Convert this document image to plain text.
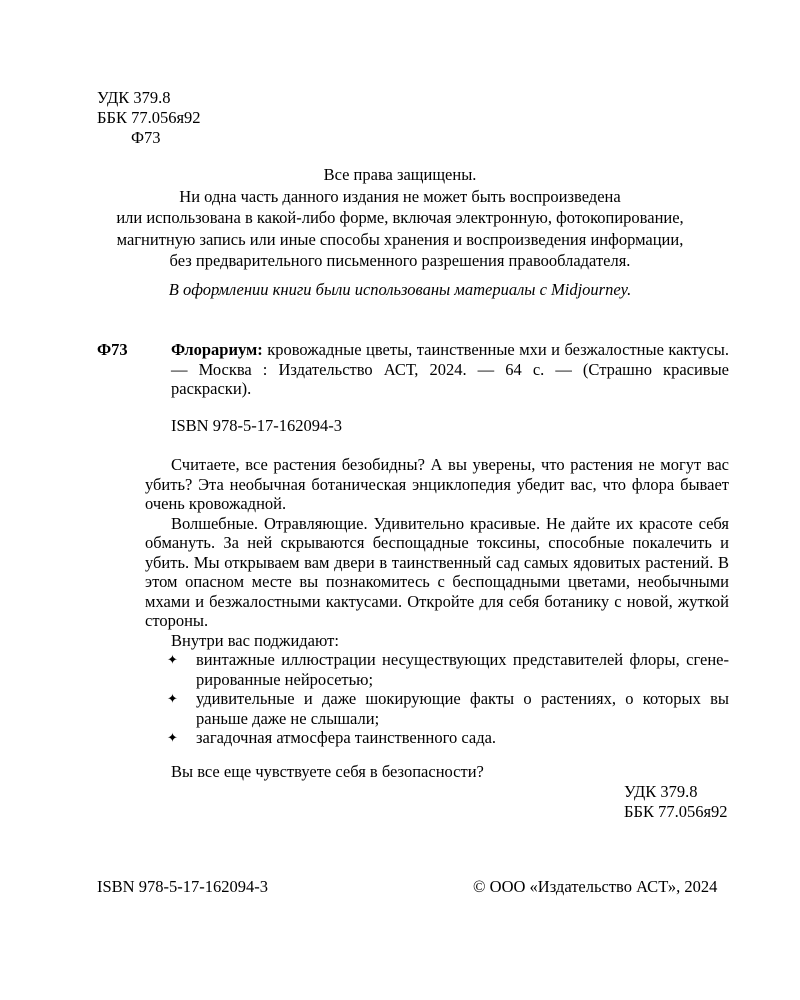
УДК 379.8
ББК 77.056я92
Ф73
Все права защищены.
Ни одна часть данного издания не может быть воспроизведена
или использована в какой-либо форме, включая электронную, фотокопирование,
магнитную запись или иные способы хранения и воспроизведения информации,
без предварительного письменного разрешения правообладателя.
В оформлении книги были использованы материалы с Midjourney.
Ф73	Флорариум: кровожадные цветы, таинственные мхи и безжалостные кактусы. — Москва : Издательство АСТ, 2024. — 64 с. — (Страшно красивые раскраски).
ISBN 978-5-17-162094-3

Считаете, все растения безобидны? А вы уверены, что растения не могут вас убить? Эта необычная ботаническая энциклопедия убедит вас, что флора бывает очень кровожадной.

Волшебные. Отравляющие. Удивительно красивые. Не дайте их красоте себя обмануть. За ней скрываются беспощадные токсины, способные покалечить и убить. Мы открываем вам двери в таинственный сад самых ядовитых растений. В этом опасном месте вы познакомитесь с беспощадными цветами, необычными мхами и безжалостными кактусами. Откройте для себя ботанику с новой, жуткой стороны.

Внутри вас поджидают:
✦ винтажные иллюстрации несуществующих представителей флоры, сгенерированные нейросетью;
✦ удивительные и даже шокирующие факты о растениях, о которых вы раньше даже не слышали;
✦ загадочная атмосфера таинственного сада.
Вы все еще чувствуете себя в безопасности?
УДК 379.8
ББК 77.056я92
ISBN 978-5-17-162094-3	© ООО «Издательство АСТ», 2024
